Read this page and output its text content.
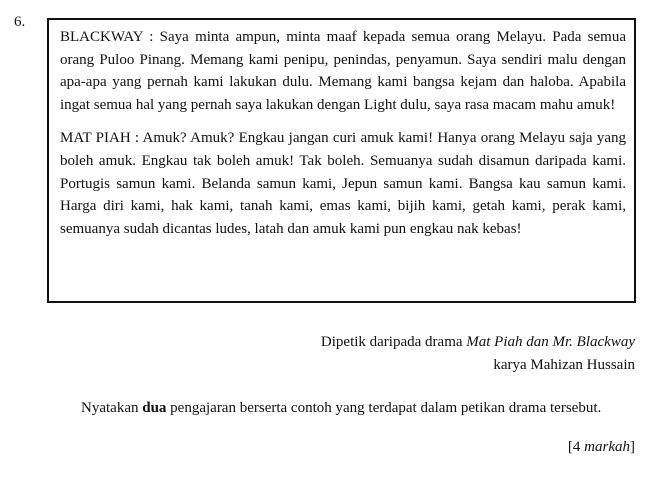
6.

BLACKWAY : Saya minta ampun, minta maaf kepada semua orang Melayu. Pada semua orang Puloo Pinang. Memang kami penipu, penindas, penyamun. Saya sendiri malu dengan apa-apa yang pernah kami lakukan dulu. Memang kami bangsa kejam dan haloba. Apabila ingat semua hal yang pernah saya lakukan dengan Light dulu, saya rasa macam mahu amuk!

MAT PIAH : Amuk? Amuk? Engkau jangan curi amuk kami! Hanya orang Melayu saja yang boleh amuk. Engkau tak boleh amuk! Tak boleh. Semuanya sudah disamun daripada kami. Portugis samun kami. Belanda samun kami, Jepun samun kami. Bangsa kau samun kami. Harga diri kami, hak kami, tanah kami, emas kami, bijih kami, getah kami, perak kami, semuanya sudah dicantas ludes, latah dan amuk kami pun engkau nak kebas!

Dipetik daripada drama Mat Piah dan Mr. Blackway
karya Mahizan Hussain
Nyatakan dua pengajaran berserta contoh yang terdapat dalam petikan drama tersebut.
[4 markah]
